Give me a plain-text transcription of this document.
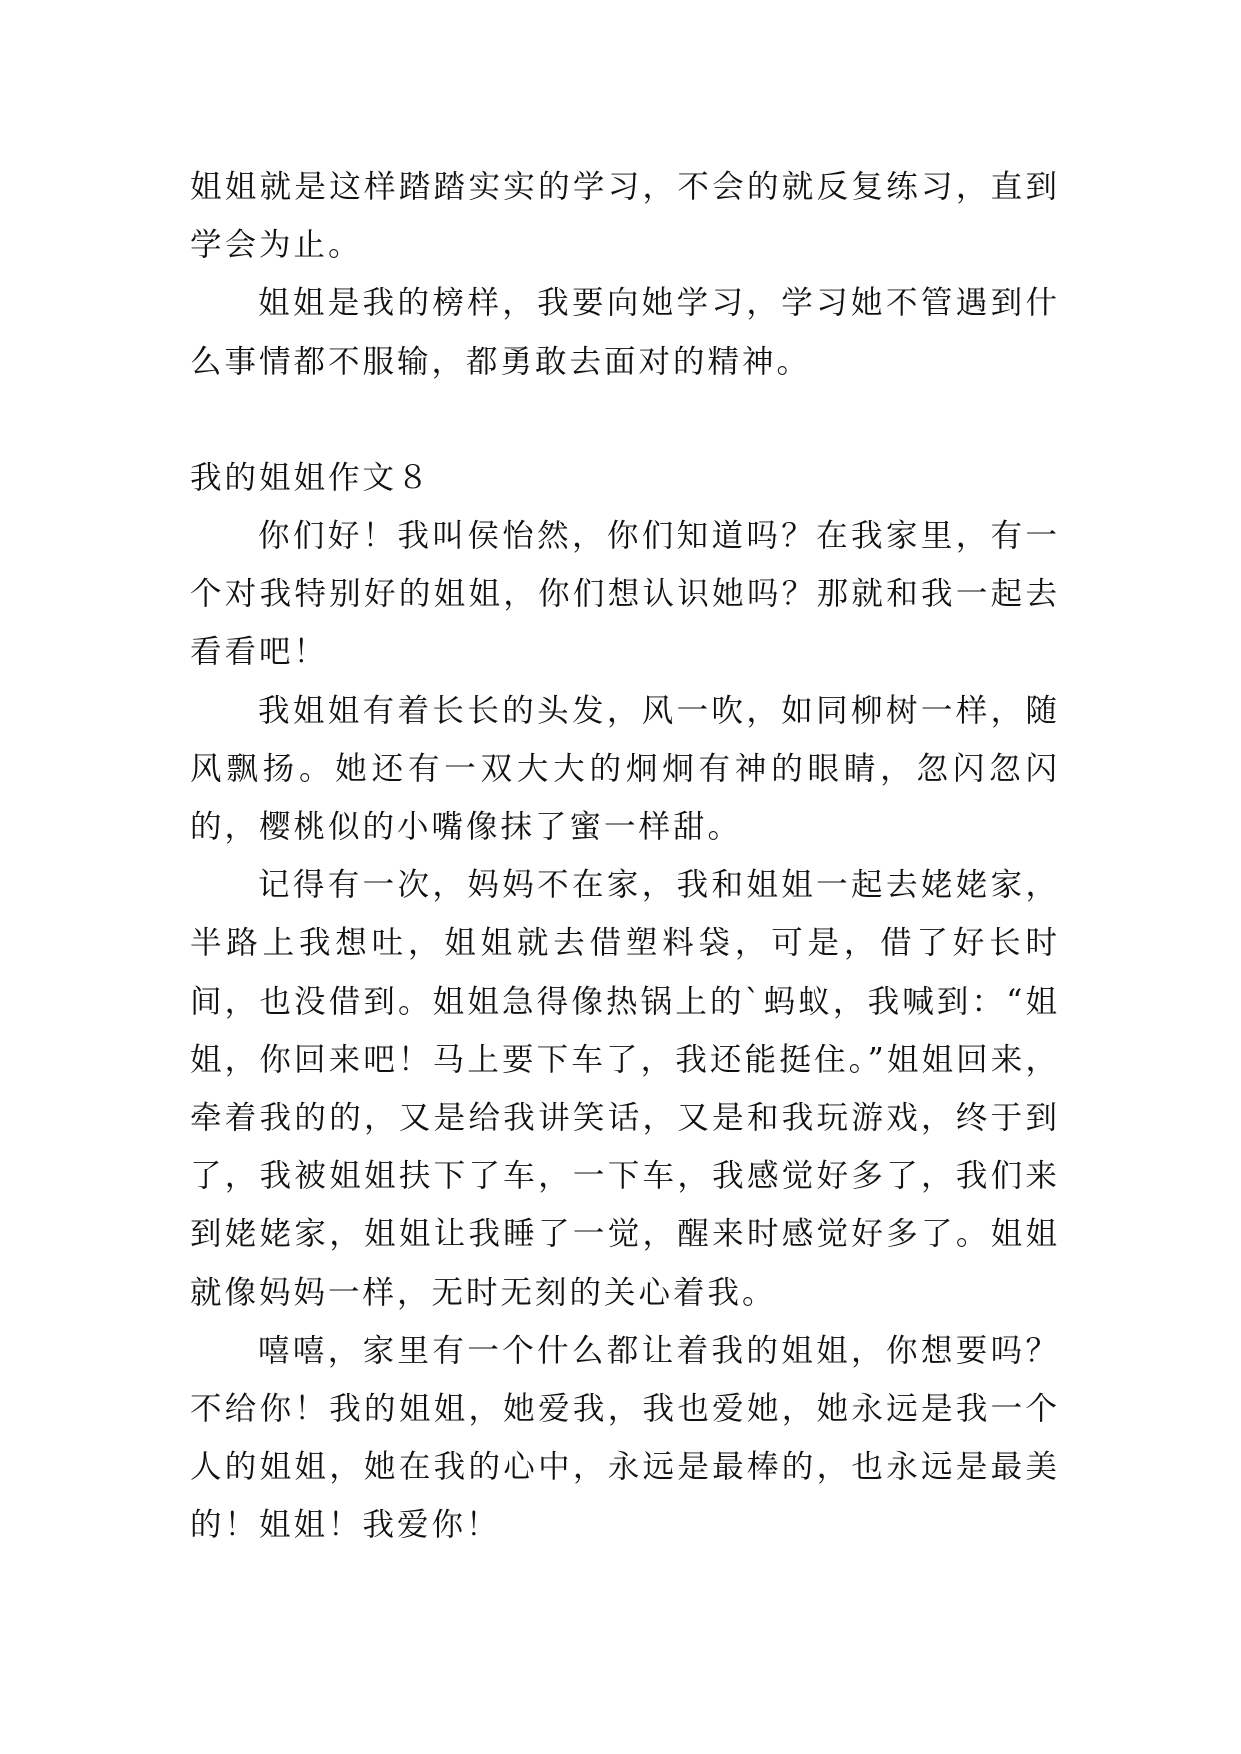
姐姐就是这样踏踏实实的学习，不会的就反复练习，直到学会为止。

姐姐是我的榜样，我要向她学习，学习她不管遇到什么事情都不服输，都勇敢去面对的精神。

我的姐姐作文８

你们好！我叫侯怡然，你们知道吗？在我家里，有一个对我特别好的姐姐，你们想认识她吗？那就和我一起去看看吧！

我姐姐有着长长的头发，风一吹，如同柳树一样，随风飘扬。她还有一双大大的炯炯有神的眼睛，忽闪忽闪的，樱桃似的小嘴像抹了蜜一样甜。

记得有一次，妈妈不在家，我和姐姐一起去姥姥家，半路上我想吐，姐姐就去借塑料袋，可是，借了好长时间，也没借到。姐姐急得像热锅上的`蚂蚁，我喊到：“姐姐，你回来吧！马上要下车了，我还能挺住。”姐姐回来，牵着我的的，又是给我讲笑话，又是和我玩游戏，终于到了，我被姐姐扶下了车，一下车，我感觉好多了，我们来到姥姥家，姐姐让我睡了一觉，醒来时感觉好多了。姐姐就像妈妈一样，无时无刻的关心着我。

嘻嘻，家里有一个什么都让着我的姐姐，你想要吗？不给你！我的姐姐，她爱我，我也爱她，她永远是我一个人的姐姐，她在我的心中，永远是最棒的，也永远是最美的！姐姐！我爱你！
